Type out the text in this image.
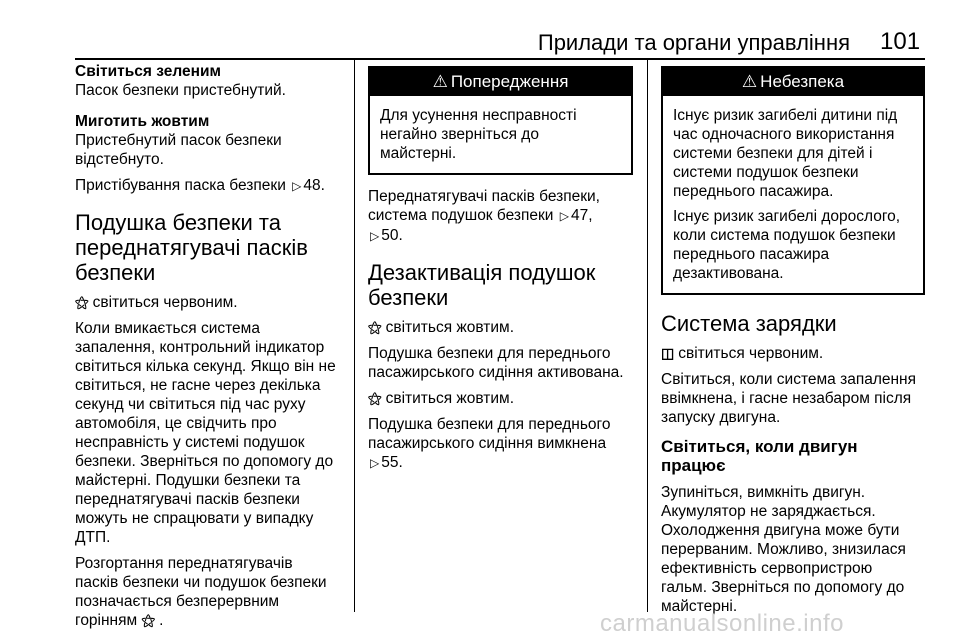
Прилади та органи управління 101

Світиться зеленим

Пасок безпеки пристебнутий.

Миготить жовтим

Пристебнутий пасок безпеки
відстебнуто.

Пристібування паска безпеки ▷ 48.

Подушка безпеки та
переднатягувачі пасків
безпеки

⚝ світиться червоним.

Коли вмикається система
запалення, контрольний індикатор
світиться кілька секунд. Якщо він не
світиться, не гасне через декілька
секунд чи світиться під час руху
автомобіля, це свідчить про
несправність у системі подушок
безпеки. Зверніться по допомогу до
майстерні. Подушки безпеки та
переднатягувачі пасків безпеки
можуть не спрацювати у випадку
ДТП.

Розгортання переднатягувачів
пасків безпеки чи подушок безпеки
позначається безперервним
горінням ⚝ .

⚠ Попередження

Для усунення несправності
негайно зверніться до
майстерні.

Переднатягувачі пасків безпеки,
система подушок безпеки ▷ 47,
▷ 50.

Дезактивація подушок
безпеки

⚝ світиться жовтим.

Подушка безпеки для переднього
пасажирського сидіння активована.

⚝ світиться жовтим.

Подушка безпеки для переднього
пасажирського сидіння вимкнена
▷ 55.

⚠ Небезпека

Існує ризик загибелі дитини під
час одночасного використання
системи безпеки для дітей і
системи подушок безпеки
переднього пасажира.

Існує ризик загибелі дорослого,
коли система подушок безпеки
переднього пасажира
дезактивована.

Система зарядки

◫ світиться червоним.

Світиться, коли система запалення
ввімкнена, і гасне незабаром після
запуску двигуна.

Світиться, коли двигун працює

Зупиніться, вимкніть двигун.
Акумулятор не заряджається.
Охолодження двигуна може бути
перерваним. Можливо, знизилася
ефективність сервопристрою
гальм. Зверніться по допомогу до
майстерні.

carmanualsonline.info
